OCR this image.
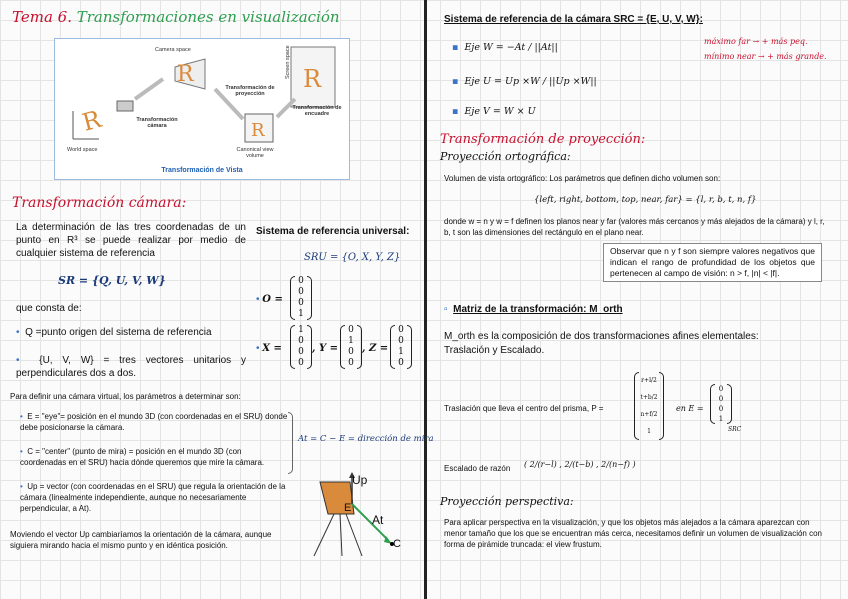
Tema 6. Transformaciones en visualización
R
R
R
R
Camera space
World space
Screen space
Canonical view volume
Transformación cámara
Transformación de proyección
Transformación de encuadre
Transformación de Vista
Transformación cámara:
La determinación de las tres coordenadas de un punto en R³ se puede realizar por medio de cualquier sistema de referencia
SR = {Q, U, V, W}
que consta de:
•  Q =punto origen del sistema de referencia
•  {U, V, W} = tres vectores unitarios y perpendiculares dos a dos.
Sistema de referencia universal:
SRU = {O, X, Y, Z}
• O =
0
0
0
1
• X =
1
0
0
0
, Y =
0
1
0
0
, Z =
0
0
1
0
Para definir una cámara virtual, los parámetros a determinar son:
•  E = "eye"= posición en el mundo 3D (con coordenadas en el SRU) donde debe posicionarse la cámara.
•  C = "center" (punto de mira) = posición en el mundo 3D (con coordenadas en el SRU) hacia dónde queremos que mire la cámara.
•  Up = vector (con coordenadas en el SRU) que regula la orientación de la cámara (linealmente independiente, aunque no necesariamente perpendicular, a At).
At = C − E = dirección de mira
Moviendo el vector Up cambiaríamos la orientación de la cámara, aunque siguiera mirando hacia el mismo punto y en idéntica posición.
Up
At
E
C
Sistema de referencia de la cámara SRC = {E, U, V, W}:
▪  Eje W = −At / ||At||
▪  Eje U = Up ×W / ||Up ×W||
▪  Eje V = W × U
máximo far → + más peq.
mínimo near → + más grande.
Transformación de proyección:
Proyección ortográfica:
Volumen de vista ortográfico: Los parámetros que definen dicho volumen son:
{left, right, bottom, top, near, far} = {l, r, b, t, n, f}
donde w = n y w = f definen los planos near y far (valores más cercanos y más alejados de la cámara) y l, r, b, t son las dimensiones del rectángulo en el plano near.
Observar que n y f son siempre valores negativos que indican el rango de profundidad de los objetos que pertenecen al campo de visión: n > f, |n| < |f|.
▫  Matriz de la transformación: M_orth
M_orth es la composición de dos transformaciones afines elementales: Traslación y Escalado.
Traslación que lleva el centro del prisma, P =
r+l/2
t+b/2
n+f/2
1
en E =
0
0
0
1
SRC
Escalado de razón ( 2/(r−l) , 2/(t−b) , 2/(n−f) )
Proyección perspectiva:
Para aplicar perspectiva en la visualización, y que los objetos más alejados a la cámara aparezcan con menor tamaño que los que se encuentran más cerca, necesitamos definir un volumen de visualización con forma de pirámide truncada: el view frustum.
